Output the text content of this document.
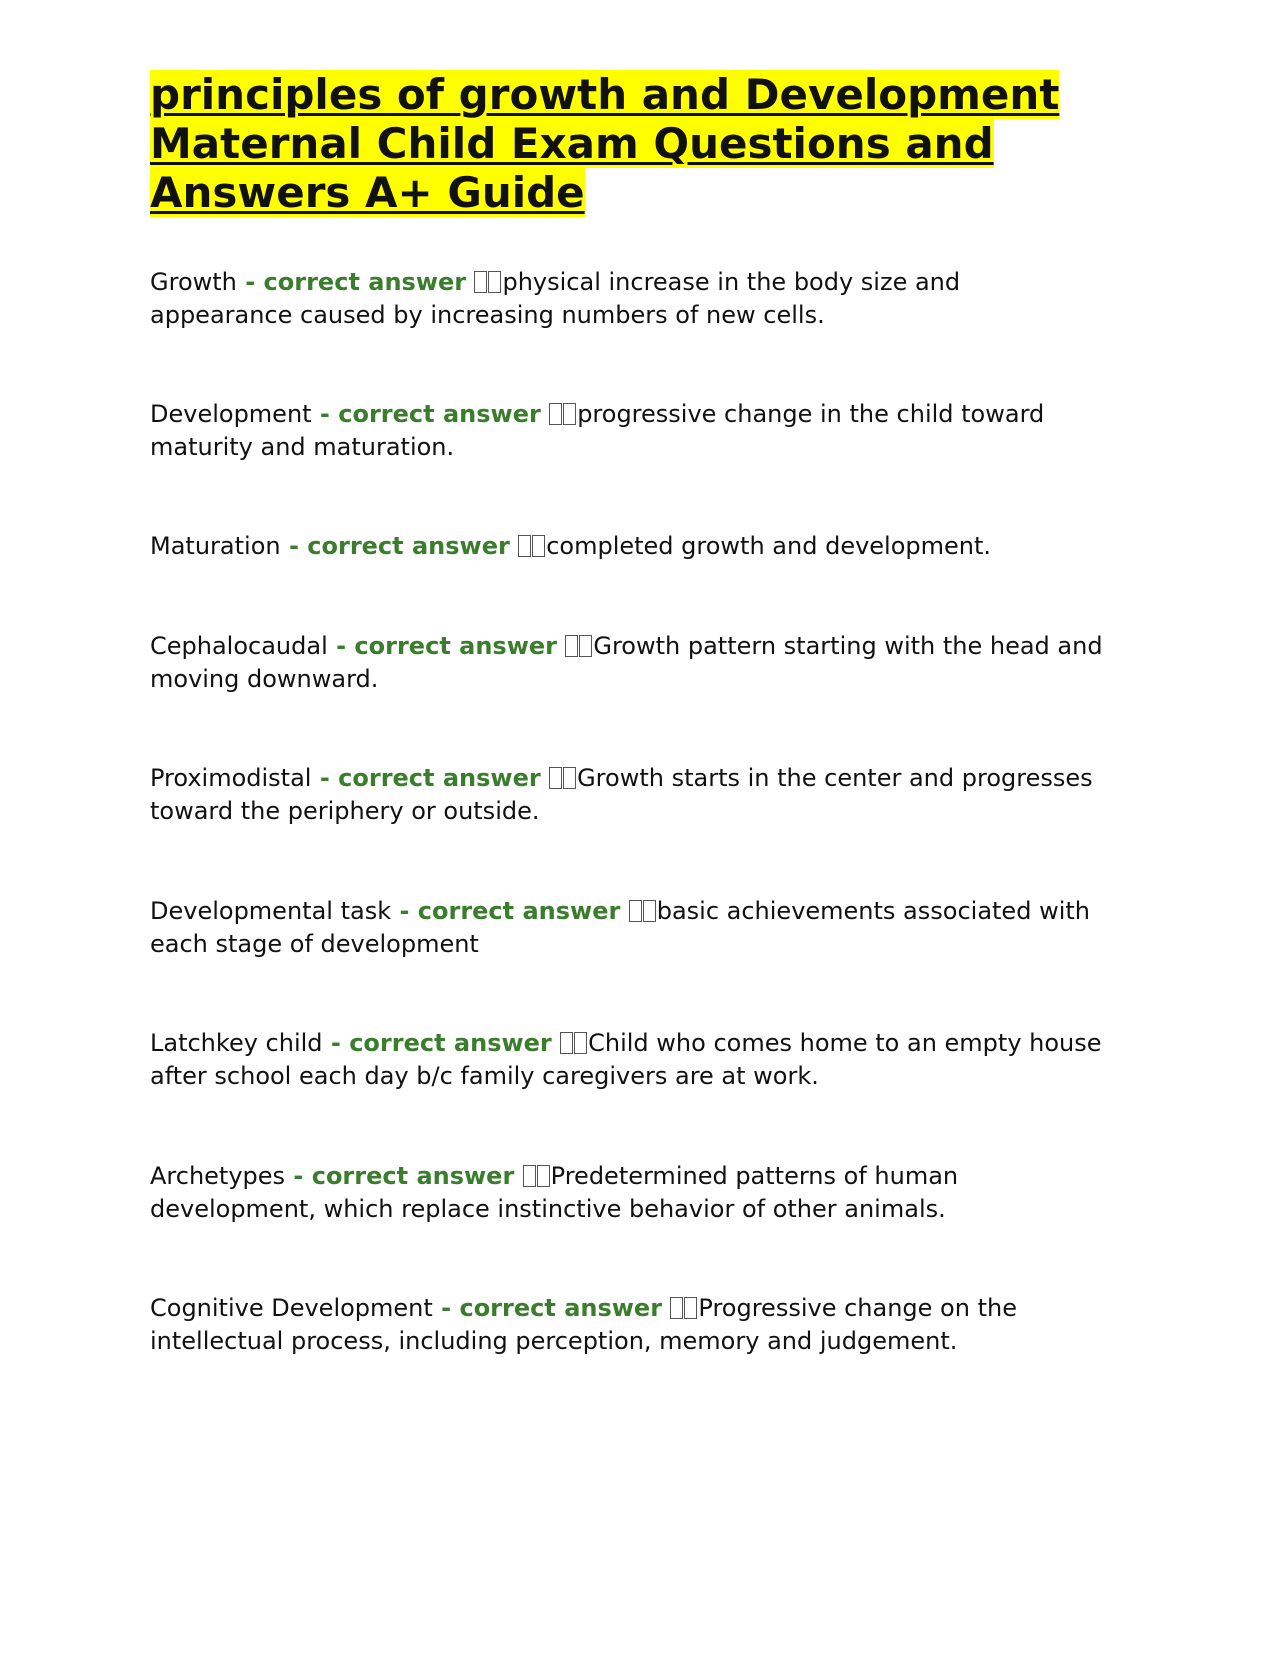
principles of growth and Development Maternal Child Exam Questions and Answers A+ Guide

Growth - correct answer physical increase in the body size and appearance caused by increasing numbers of new cells.

Development - correct answer progressive change in the child toward maturity and maturation.

Maturation - correct answer completed growth and development.

Cephalocaudal - correct answer Growth pattern starting with the head and moving downward.

Proximodistal - correct answer Growth starts in the center and progresses toward the periphery or outside.

Developmental task - correct answer basic achievements associated with each stage of development

Latchkey child - correct answer Child who comes home to an empty house after school each day b/c family caregivers are at work.

Archetypes - correct answer Predetermined patterns of human development, which replace instinctive behavior of other animals.

Cognitive Development - correct answer Progressive change on the intellectual process, including perception, memory and judgement.
